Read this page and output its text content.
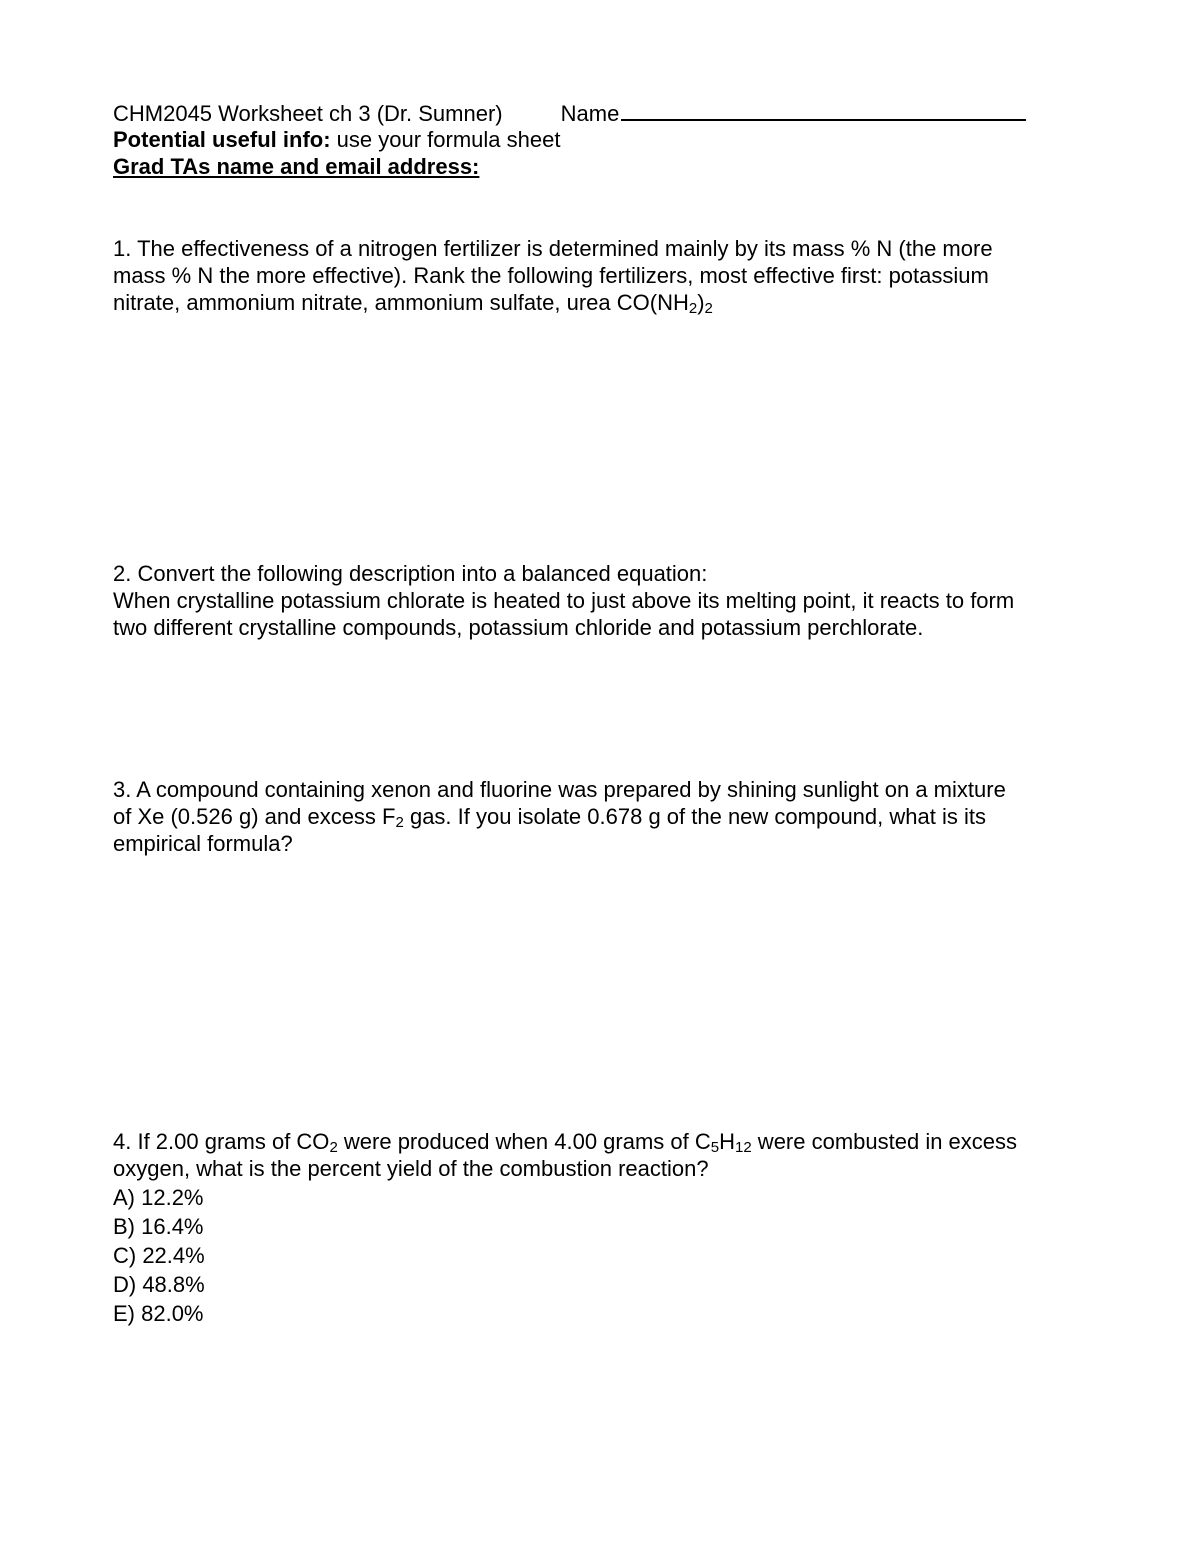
CHM2045 Worksheet ch 3 (Dr. Sumner)	Name
Potential useful info: use your formula sheet
Grad TAs name and email address:
1. The effectiveness of a nitrogen fertilizer is determined mainly by its mass % N (the more
mass % N the more effective). Rank the following fertilizers, most effective first: potassium
nitrate, ammonium nitrate, ammonium sulfate, urea $CO(NH_2)_2$
2. Convert the following description into a balanced equation:
When crystalline potassium chlorate is heated to just above its melting point, it reacts to form
two different crystalline compounds, potassium chloride and potassium perchlorate.
3. A compound containing xenon and fluorine was prepared by shining sunlight on a mixture
of Xe (0.526 g) and excess $F_2$ gas. If you isolate 0.678 g of the new compound, what is its
empirical formula?
4. If 2.00 grams of $CO_2$ were produced when 4.00 grams of $C_5H_{12}$ were combusted in excess
oxygen, what is the percent yield of the combustion reaction?
A) 12.2%
B) 16.4%
C) 22.4%
D) 48.8%
E) 82.0%
